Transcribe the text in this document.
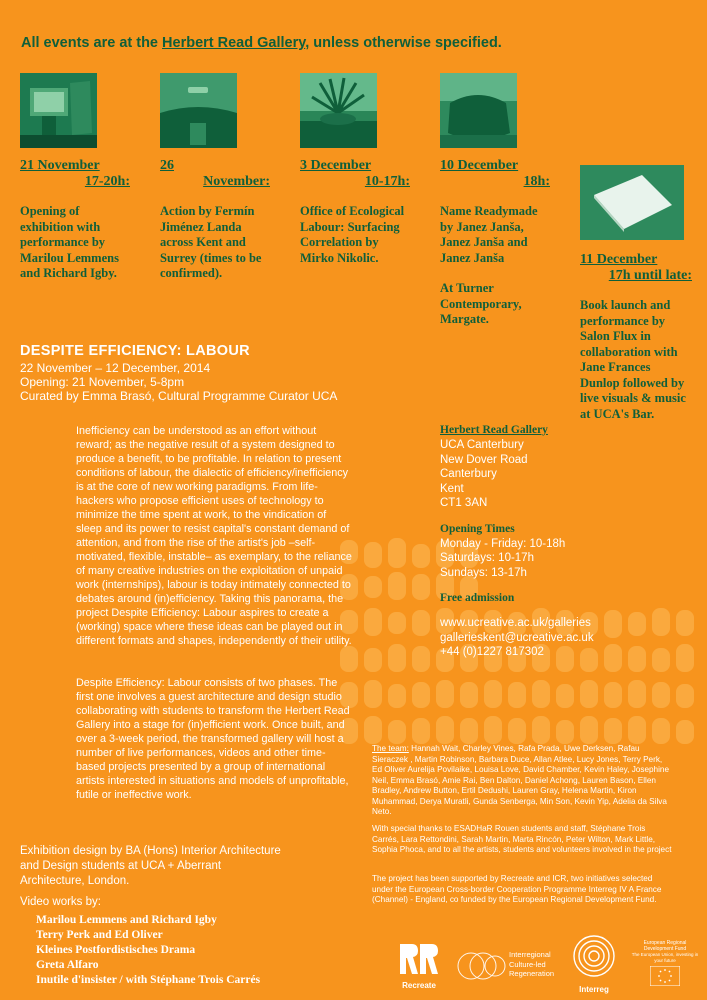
All events are at the Herbert Read Gallery, unless otherwise specified.
21 November
17-20h:
Opening of exhibition with performance by Marilou Lemmens and Richard Igby.
26
November:
Action by Fermín Jiménez Landa across Kent and Surrey (times to be confirmed).
3 December
10-17h:
Office of Ecological Labour: Surfacing Correlation by Mirko Nikolic.
10 December
18h:
Name Readymade by Janez Janša, Janez Janša and Janez Janša
At Turner Contemporary, Margate.
11 December
17h until late:
Book launch and performance by Salon Flux in collaboration with Jane Frances Dunlop followed by live visuals & music at UCA's Bar.
DESPITE EFFICIENCY: LABOUR
22 November – 12 December, 2014
Opening: 21 November, 5-8pm
Curated by Emma Brasó, Cultural Programme Curator UCA
Inefficiency can be understood as an effort without reward; as the negative result of a system designed to produce a benefit, to be profitable. In relation to present conditions of labour, the dialectic of efficiency/inefficiency is at the core of new working paradigms. From life-hackers who propose efficient uses of technology to minimize the time spent at work, to the vindication of sleep and its power to resist capital's constant demand of attention, and from the rise of the artist's job –self-motivated, flexible, instable– as exemplary, to the reliance of many creative industries on the exploitation of unpaid work (internships), labour is today intimately connected to debates around (in)efficiency. Taking this panorama, the project Despite Efficiency: Labour aspires to create a (working) space where these ideas can be played out in different formats and shapes, independently of their utility.
Despite Efficiency: Labour consists of two phases. The first one involves a guest architecture and design studio collaborating with students to transform the Herbert Read Gallery into a stage for (in)efficient work. Once built, and over a 3-week period, the transformed gallery will host a number of live performances, videos and other time-based projects presented by a group of international artists interested in situations and models of unprofitable, futile or ineffective work.
Exhibition design by BA (Hons) Interior Architecture and Design students at UCA + Aberrant Architecture, London.
Video works by:
Marilou Lemmens and Richard Igby
Terry Perk and Ed Oliver
Kleines Postfordistisches Drama
Greta Alfaro
Inutile d'insister / with Stéphane Trois Carrés
Herbert Read Gallery
UCA Canterbury
New Dover Road
Canterbury
Kent
CT1 3AN
Opening Times
Monday - Friday: 10-18h
Saturdays: 10-17h
Sundays: 13-17h
Free admission
www.ucreative.ac.uk/galleries
gallerieskent@ucreative.ac.uk
+44 (0)1227 817302
The team: Hannah Wait, Charley Vines, Rafa Prada, Uwe Derksen, Rafau Sieraczek , Martin Robinson, Barbara Duce, Allan Atlee, Lucy Jones, Terry Perk, Ed Oliver Aurelija Povilaike, Louisa Love, David Chamber, Kevin Haley, Josephine Neil, Emma Brasó, Amie Rai, Ben Dalton, Daniel Achong, Lauren Bason, Ellen Bradley, Andrew Button, Ertil Dedushi, Lauren Gray, Helena Martin, Kiron Muhammad, Derya Muratli, Gunda Senberga, Min Son, Kevin Yip, Adelia da Silva Neto.
With special thanks to ESADHaR Rouen students and staff, Stéphane Trois Carrés, Lara Rettondini, Sarah Martin, Marta Rincón, Peter Wilton, Mark Little, Sophia Phoca, and to all the artists, students and volunteers involved in the project
The project has been supported by Recreate and ICR, two initiatives selected under the European Cross-border Cooperation Programme Interreg IV A France (Channel) - England, co funded by the European Regional Development Fund.
Recreate
Interregional
Culture-led
Regeneration
Interreg
European Regional Development Fund
The European Union, investing in your future
